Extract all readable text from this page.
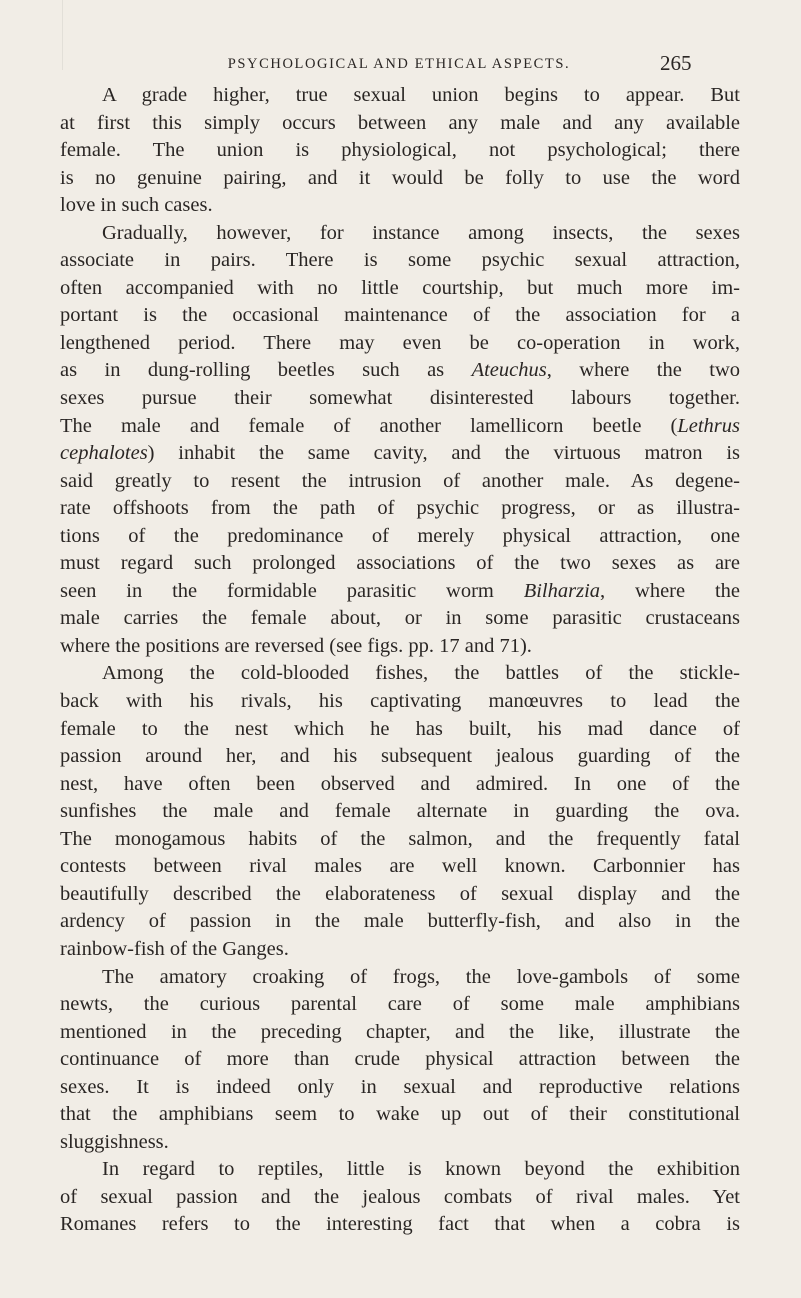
PSYCHOLOGICAL AND ETHICAL ASPECTS.	265
A grade higher, true sexual union begins to appear. But
at first this simply occurs between any male and any available
female. The union is physiological, not psychological; there
is no genuine pairing, and it would be folly to use the word
love in such cases.
Gradually, however, for instance among insects, the sexes
associate in pairs. There is some psychic sexual attraction,
often accompanied with no little courtship, but much more im-
portant is the occasional maintenance of the association for a
lengthened period. There may even be co-operation in work,
as in dung-rolling beetles such as Ateuchus, where the two
sexes pursue their somewhat disinterested labours together.
The male and female of another lamellicorn beetle (Lethrus
cephalotes) inhabit the same cavity, and the virtuous matron is
said greatly to resent the intrusion of another male. As degene-
rate offshoots from the path of psychic progress, or as illustra-
tions of the predominance of merely physical attraction, one
must regard such prolonged associations of the two sexes as are
seen in the formidable parasitic worm Bilharzia, where the
male carries the female about, or in some parasitic crustaceans
where the positions are reversed (see figs. pp. 17 and 71).
Among the cold-blooded fishes, the battles of the stickle-
back with his rivals, his captivating manœuvres to lead the
female to the nest which he has built, his mad dance of
passion around her, and his subsequent jealous guarding of the
nest, have often been observed and admired. In one of the
sunfishes the male and female alternate in guarding the ova.
The monogamous habits of the salmon, and the frequently fatal
contests between rival males are well known. Carbonnier has
beautifully described the elaborateness of sexual display and the
ardency of passion in the male butterfly-fish, and also in the
rainbow-fish of the Ganges.
The amatory croaking of frogs, the love-gambols of some
newts, the curious parental care of some male amphibians
mentioned in the preceding chapter, and the like, illustrate the
continuance of more than crude physical attraction between the
sexes. It is indeed only in sexual and reproductive relations
that the amphibians seem to wake up out of their constitutional
sluggishness.
In regard to reptiles, little is known beyond the exhibition
of sexual passion and the jealous combats of rival males. Yet
Romanes refers to the interesting fact that when a cobra is
